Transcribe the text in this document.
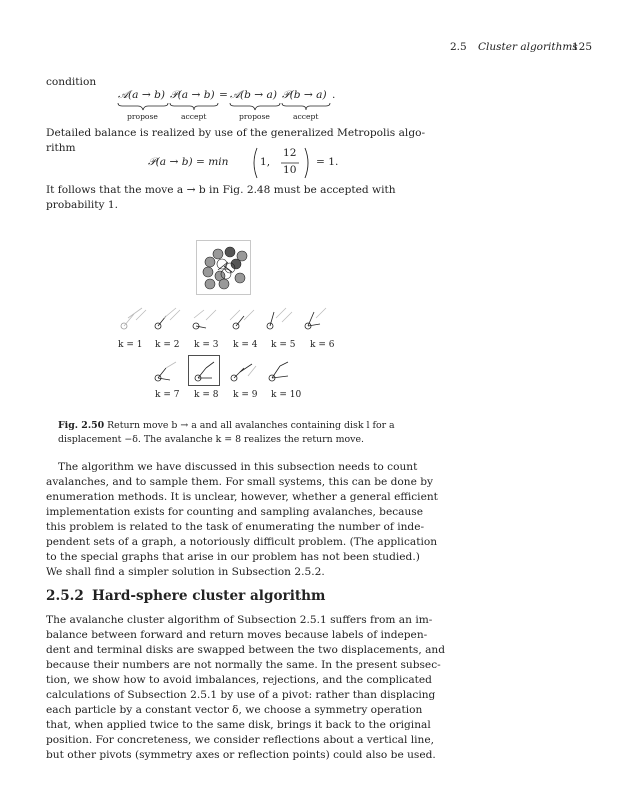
2.5 Cluster algorithms
125
condition
𝒜(a → b) 𝒫(a → b) = 𝒜(b → a) 𝒫(b → a) .
propose	accept	propose	accept
Detailed balance is realized by use of the generalized Metropolis algo-
rithm
𝒫(a → b) = min	1,
12
10
= 1.
It follows that the move a → b in Fig. 2.48 must be accepted with
probability 1.
k = 1 k = 2 k = 3 k = 4 k = 5 k = 6
k = 7 k = 8 k = 9 k = 10
Fig. 2.50 Return move b → a and all avalanches containing disk l for a
displacement −δ. The avalanche k = 8 realizes the return move.
The algorithm we have discussed in this subsection needs to count
avalanches, and to sample them. For small systems, this can be done by
enumeration methods. It is unclear, however, whether a general efficient
implementation exists for counting and sampling avalanches, because
this problem is related to the task of enumerating the number of inde-
pendent sets of a graph, a notoriously difficult problem. (The application
to the special graphs that arise in our problem has not been studied.)
We shall find a simpler solution in Subsection 2.5.2.
2.5.2 Hard-sphere cluster algorithm
The avalanche cluster algorithm of Subsection 2.5.1 suffers from an im-
balance between forward and return moves because labels of indepen-
dent and terminal disks are swapped between the two displacements, and
because their numbers are not normally the same. In the present subsec-
tion, we show how to avoid imbalances, rejections, and the complicated
calculations of Subsection 2.5.1 by use of a pivot: rather than displacing
each particle by a constant vector δ, we choose a symmetry operation
that, when applied twice to the same disk, brings it back to the original
position. For concreteness, we consider reflections about a vertical line,
but other pivots (symmetry axes or reflection points) could also be used.
